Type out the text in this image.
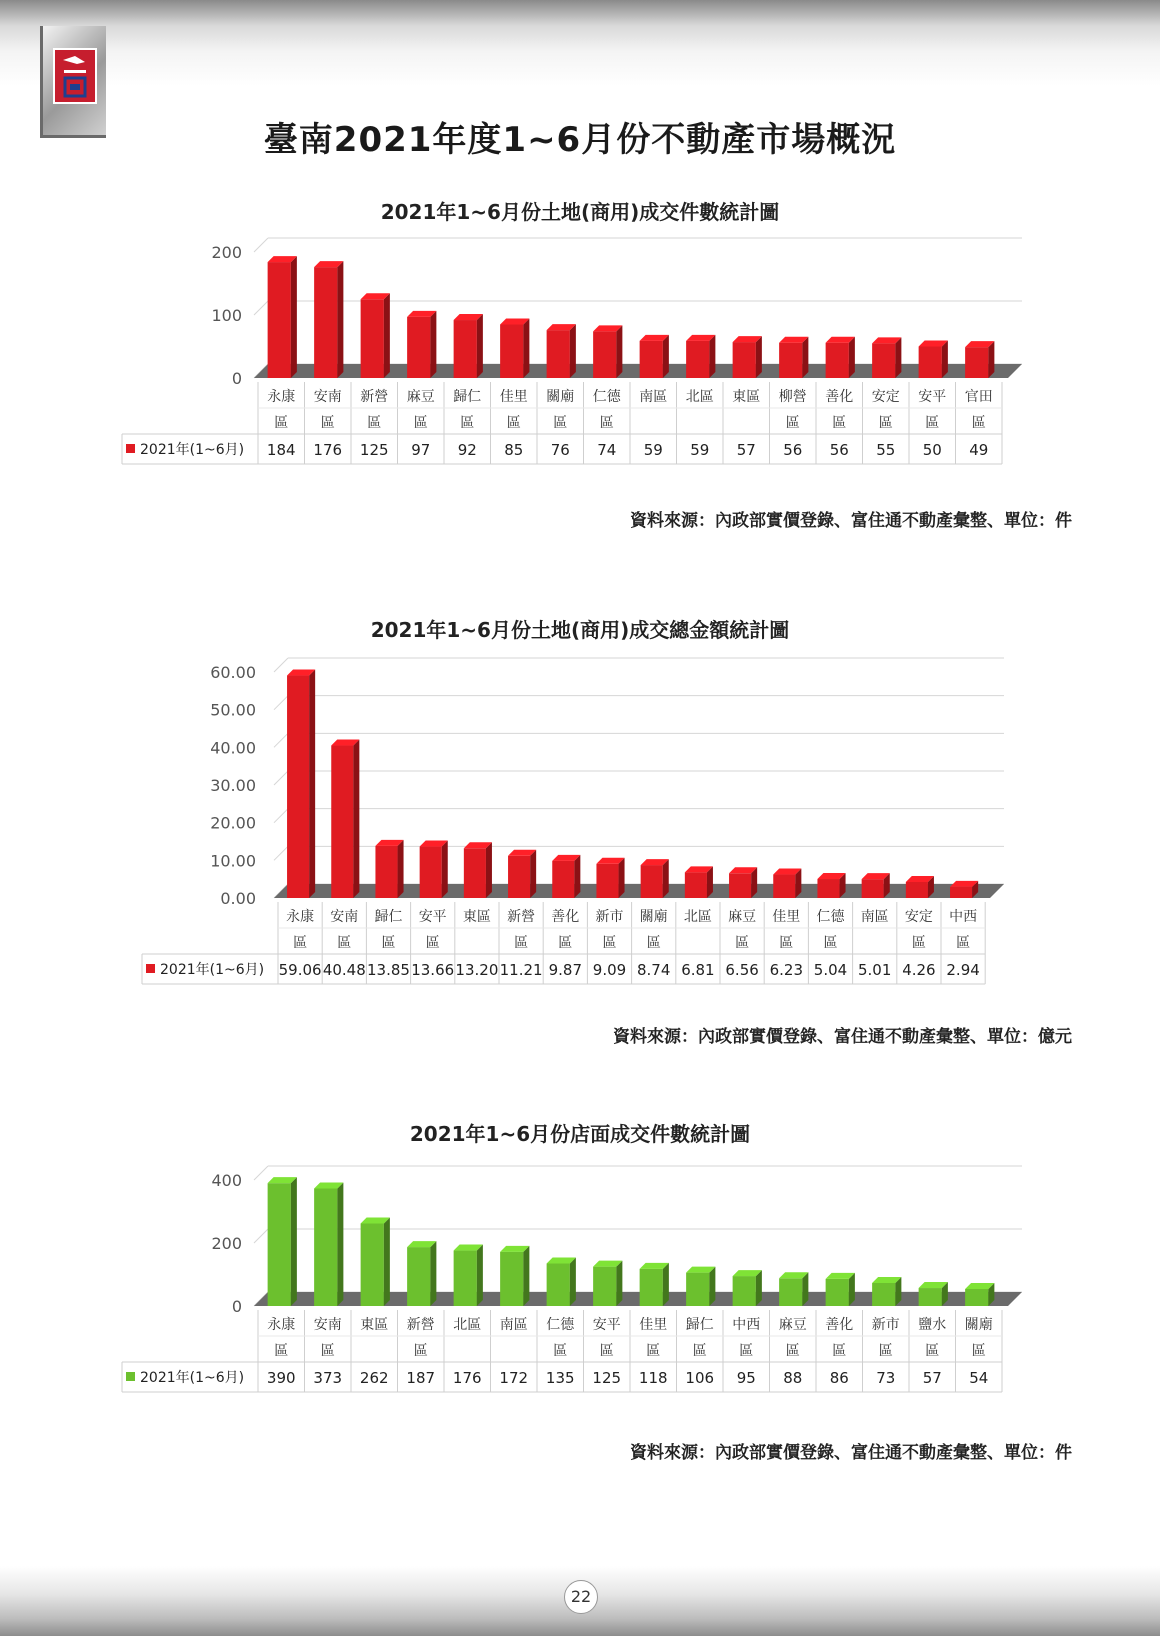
臺南2021年度1~6月份不動產市場概況
2021年1~6月份土地(商用)成交件數統計圖
0
100
200
永康
區
184
安南
區
176
新營
區
125
麻豆
區
97
歸仁
區
92
佳里
區
85
關廟
區
76
仁德
區
74
南區
59
北區
59
東區
57
柳營
區
56
善化
區
56
安定
區
55
安平
區
50
官田
區
49
2021年(1~6月)
資料來源：內政部實價登錄、富住通不動產彙整、單位：件
2021年1~6月份土地(商用)成交總金額統計圖
0.00
10.00
20.00
30.00
40.00
50.00
60.00
永康
區
59.06
安南
區
40.48
歸仁
區
13.85
安平
區
13.66
東區
13.20
新營
區
11.21
善化
區
9.87
新市
區
9.09
關廟
區
8.74
北區
6.81
麻豆
區
6.56
佳里
區
6.23
仁德
區
5.04
南區
5.01
安定
區
4.26
中西
區
2.94
2021年(1~6月)
資料來源：內政部實價登錄、富住通不動產彙整、單位：億元
2021年1~6月份店面成交件數統計圖
0
200
400
永康
區
390
安南
區
373
東區
262
新營
區
187
北區
176
南區
172
仁德
區
135
安平
區
125
佳里
區
118
歸仁
區
106
中西
區
95
麻豆
區
88
善化
區
86
新市
區
73
鹽水
區
57
關廟
區
54
2021年(1~6月)
資料來源：內政部實價登錄、富住通不動產彙整、單位：件
22
